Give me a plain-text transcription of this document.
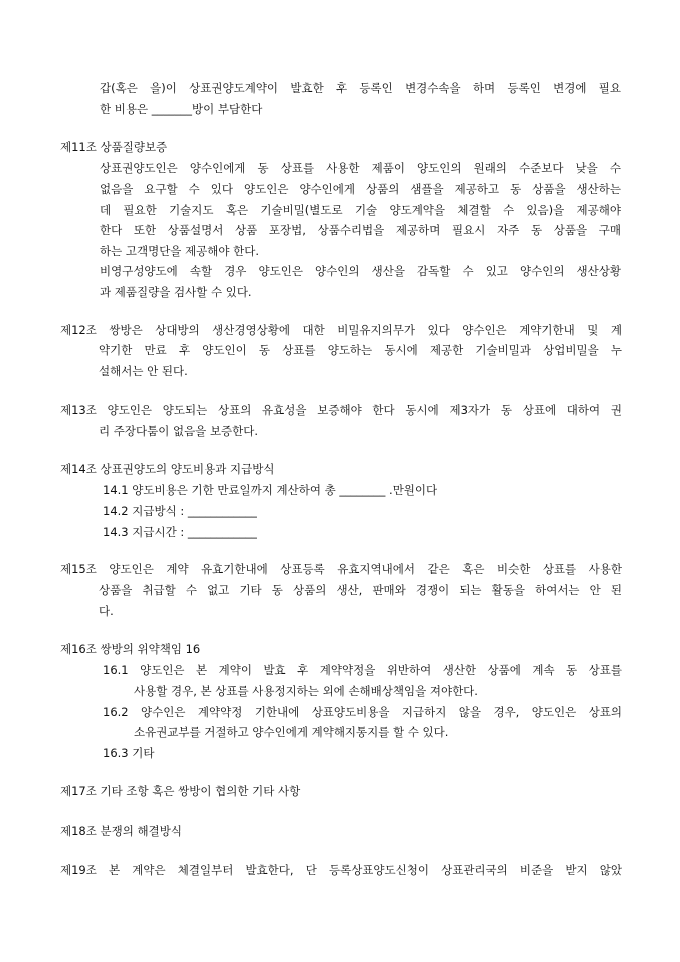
갑(혹은 을)이 상표권양도계약이 발효한 후 등록인 변경수속을 하며 등록인 변경에 필요
한 비용은 _______방이 부담한다
제11조 상품질량보증
상표권양도인은 양수인에게 동 상표를 사용한 제품이 양도인의 원래의 수준보다 낮을 수
없음을 요구할 수 있다 양도인은 양수인에게 상품의 샘플을 제공하고 동 상품을 생산하는
데 필요한 기술지도 혹은 기술비밀(별도로 기술 양도계약을 체결할 수 있음)을 제공해야
한다 또한 상품설명서 상품 포장법, 상품수리법을 제공하며 필요시 자주 동 상품을 구매
하는 고객명단을 제공해야 한다.
비영구성양도에 속할 경우 양도인은 양수인의 생산을 감독할 수 있고 양수인의 생산상황
과 제품질량을 검사할 수 있다.
제12조 쌍방은 상대방의 생산경영상황에 대한 비밀유지의무가 있다 양수인은 계약기한내 및 계
약기한 만료 후 양도인이 동 상표를 양도하는 동시에 제공한 기술비밀과 상업비밀을 누
설해서는 안 된다.
제13조 양도인은 양도되는 상표의 유효성을 보증해야 한다 동시에 제3자가 동 상표에 대하여 권
리 주장다툼이 없음을 보증한다.
제14조 상표권양도의 양도비용과 지급방식
14.1 양도비용은 기한 만료일까지 계산하여 총 ________ .만원이다
14.2 지급방식 : ____________
14.3 지급시간 : ____________
제15조 양도인은 계약 유효기한내에 상표등록 유효지역내에서 같은 혹은 비슷한 상표를 사용한
상품을 취급할 수 없고 기타 동 상품의 생산, 판매와 경쟁이 되는 활동을 하여서는 안 된
다.
제16조 쌍방의 위약책임 16
16.1 양도인은 본 계약이 발효 후 계약약정을 위반하여 생산한 상품에 계속 동 상표를
사용할 경우, 본 상표를 사용정지하는 외에 손해배상책임을 져야한다.
16.2 양수인은 계약약정 기한내에 상표양도비용을 지급하지 않을 경우, 양도인은 상표의
소유권교부를 거절하고 양수인에게 계약해지통지를 할 수 있다.
16.3 기타
제17조 기타 조항 혹은 쌍방이 협의한 기타 사항
제18조 분쟁의 해결방식
제19조 본 계약은 체결일부터 발효한다, 단 등록상표양도신청이 상표관리국의 비준을 받지 않았
